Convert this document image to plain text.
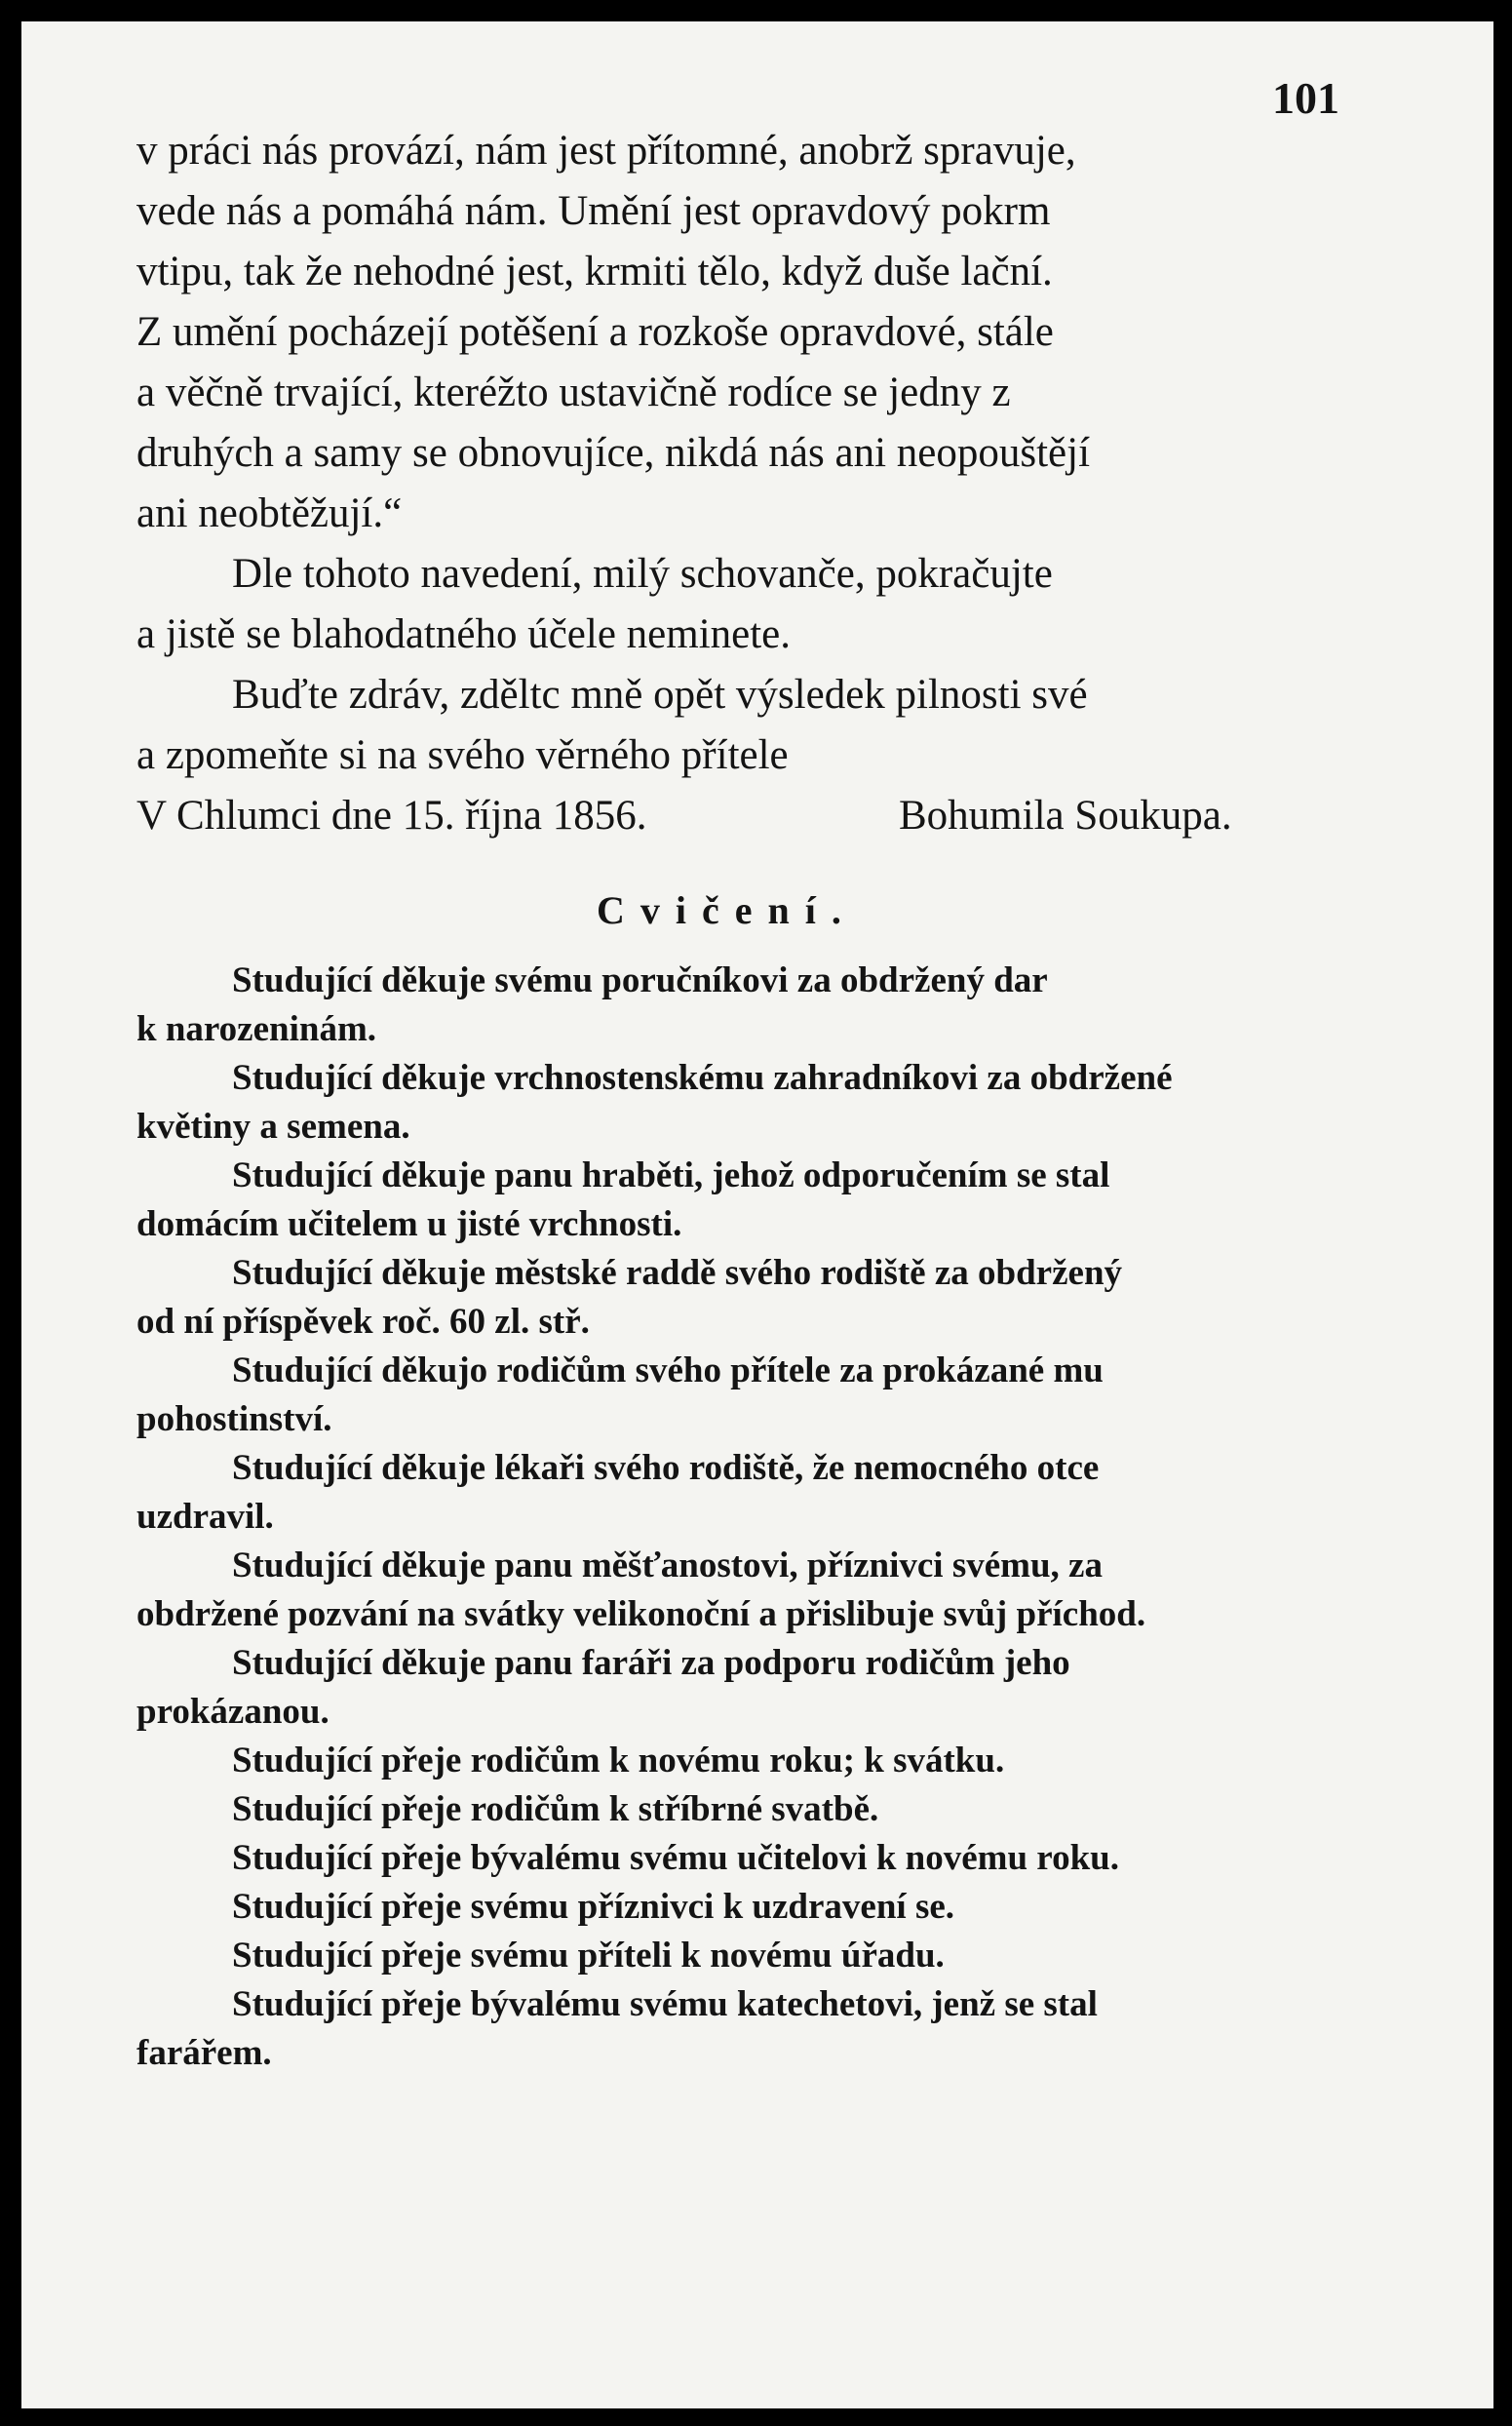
101
v práci nás provází, nám jest přítomné, anobrž spravuje,
vede nás a pomáhá nám. Umění jest opravdový pokrm
vtipu, tak že nehodné jest, krmiti tělo, když duše lační.
Z umění pocházejí potěšení a rozkoše opravdové, stále
a věčně trvající, kteréžto ustavičně rodíce se jedny z
druhých a samy se obnovujíce, nikdá nás ani neopouštějí
ani neobtěžují.“
Dle tohoto navedení, milý schovanče, pokračujte
a jistě se blahodatného účele neminete.
Buďte zdráv, zděltc mně opět výsledek pilnosti své
a zpomeňte si na svého věrného přítele
V Chlumci dne 15. října 1856.	Bohumila Soukupa.
Cvičení.
Studující děkuje svému poručníkovi za obdržený dar
k narozeninám.
Studující děkuje vrchnostenskému zahradníkovi za obdržené
květiny a semena.
Studující děkuje panu hraběti, jehož odporučením se stal
domácím učitelem u jisté vrchnosti.
Studující děkuje městské raddě svého rodiště za obdržený
od ní příspěvek roč. 60 zl. stř.
Studující děkujo rodičům svého přítele za prokázané mu
pohostinství.
Studující děkuje lékaři svého rodiště, že nemocného otce
uzdravil.
Studující děkuje panu měšťanostovi, příznivci svému, za
obdržené pozvání na svátky velikonoční a přislibuje svůj příchod.
Studující děkuje panu faráři za podporu rodičům jeho
prokázanou.
Studující přeje rodičům k novému roku; k svátku.
Studující přeje rodičům k stříbrné svatbě.
Studující přeje bývalému svému učitelovi k novému roku.
Studující přeje svému příznivci k uzdravení se.
Studující přeje svému příteli k novému úřadu.
Studující přeje bývalému svému katechetovi, jenž se stal
farářem.
